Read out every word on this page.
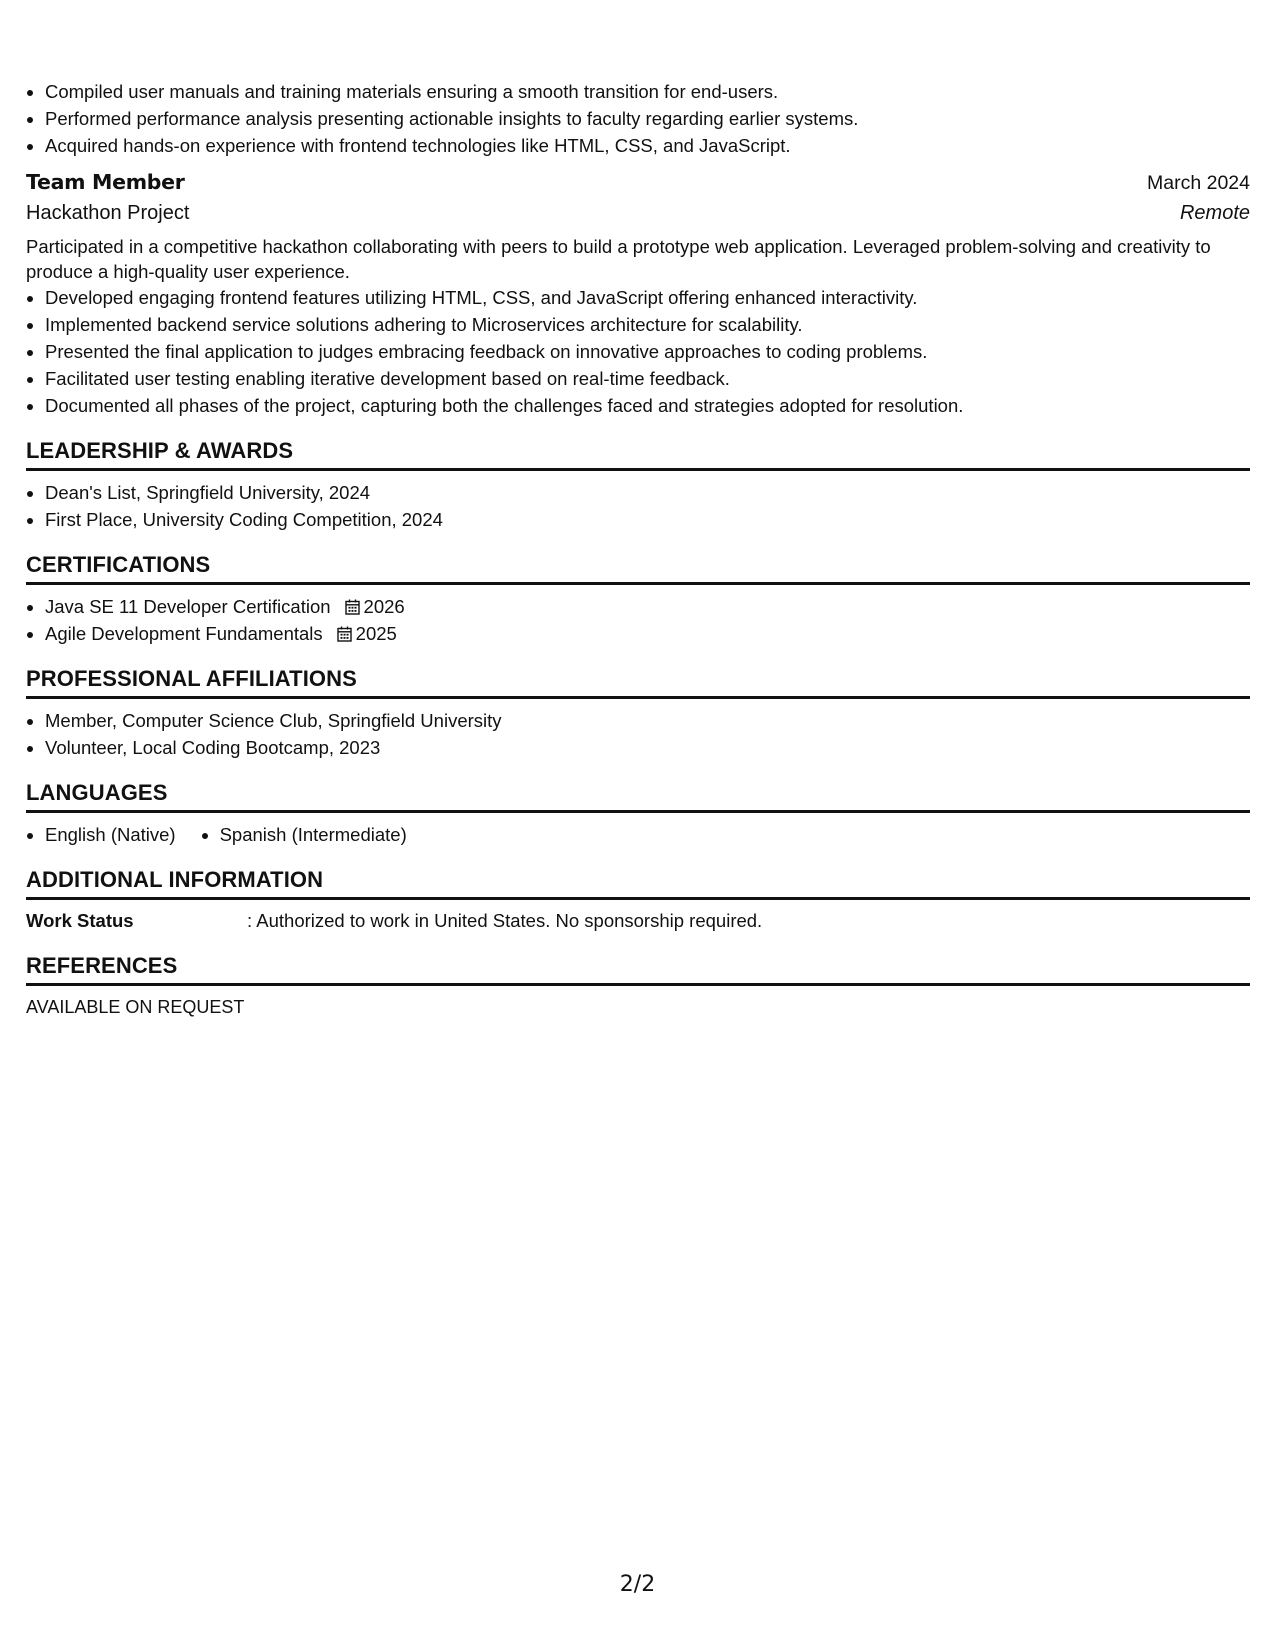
• Compiled user manuals and training materials ensuring a smooth transition for end-users.
• Performed performance analysis presenting actionable insights to faculty regarding earlier systems.
• Acquired hands-on experience with frontend technologies like HTML, CSS, and JavaScript.
Team Member	March 2024
Hackathon Project	Remote
Participated in a competitive hackathon collaborating with peers to build a prototype web application. Leveraged problem-solving and creativity to produce a high-quality user experience.
• Developed engaging frontend features utilizing HTML, CSS, and JavaScript offering enhanced interactivity.
• Implemented backend service solutions adhering to Microservices architecture for scalability.
• Presented the final application to judges embracing feedback on innovative approaches to coding problems.
• Facilitated user testing enabling iterative development based on real-time feedback.
• Documented all phases of the project, capturing both the challenges faced and strategies adopted for resolution.
LEADERSHIP & AWARDS
• Dean's List, Springfield University, 2024
• First Place, University Coding Competition, 2024
CERTIFICATIONS
• Java SE 11 Developer Certification 2026
• Agile Development Fundamentals 2025
PROFESSIONAL AFFILIATIONS
• Member, Computer Science Club, Springfield University
• Volunteer, Local Coding Bootcamp, 2023
LANGUAGES
• English (Native)
• Spanish (Intermediate)
ADDITIONAL INFORMATION
Work Status	: Authorized to work in United States. No sponsorship required.
REFERENCES
AVAILABLE ON REQUEST
2/2
